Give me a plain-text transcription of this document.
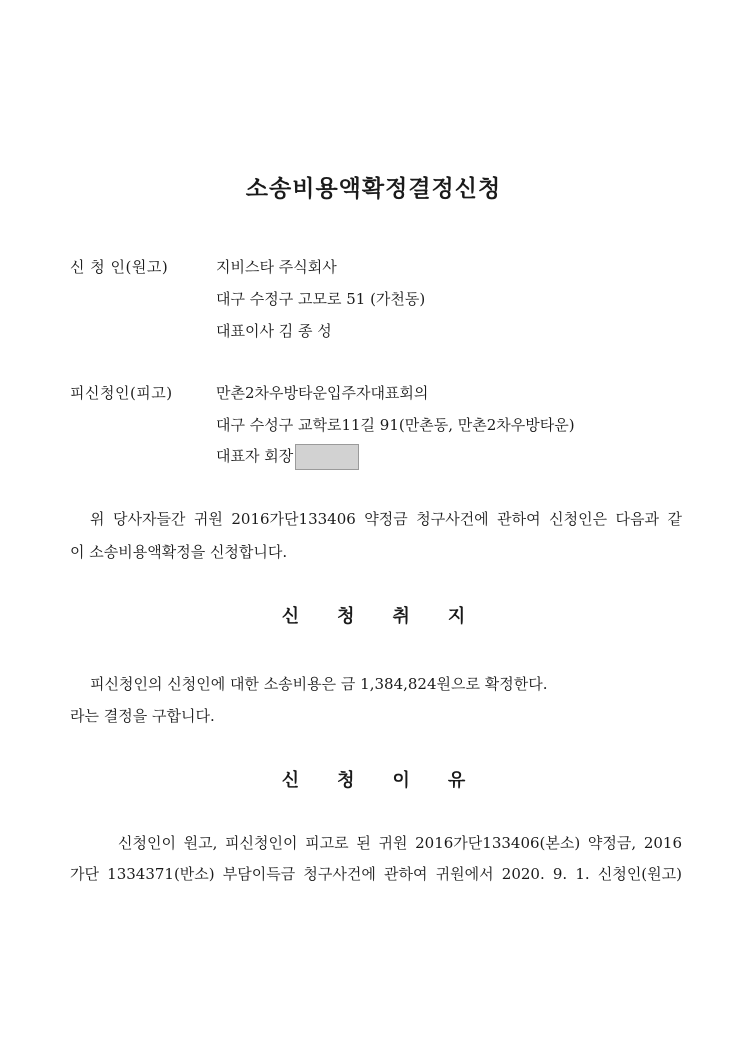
소송비용액확정결정신청
신 청 인(원고)	지비스타 주식회사
대구 수정구 고모로 51 (가천동)
대표이사 김 종 성
피신청인(피고)	만촌2차우방타운입주자대표회의
대구 수성구 교학로11길 91(만촌동, 만촌2차우방타운)
대표자 회장
위 당사자들간 귀원 2016가단133406 약정금 청구사건에 관하여 신청인은 다음과 같
이 소송비용액확정을 신청합니다.
신 청 취 지
피신청인의 신청인에 대한 소송비용은 금 1,384,824원으로 확정한다.
라는 결정을 구합니다.
신 청 이 유
신청인이 원고, 피신청인이 피고로 된 귀원 2016가단133406(본소) 약정금, 2016
가단 1334371(반소) 부담이득금 청구사건에 관하여 귀원에서 2020. 9. 1. 신청인(원고)
